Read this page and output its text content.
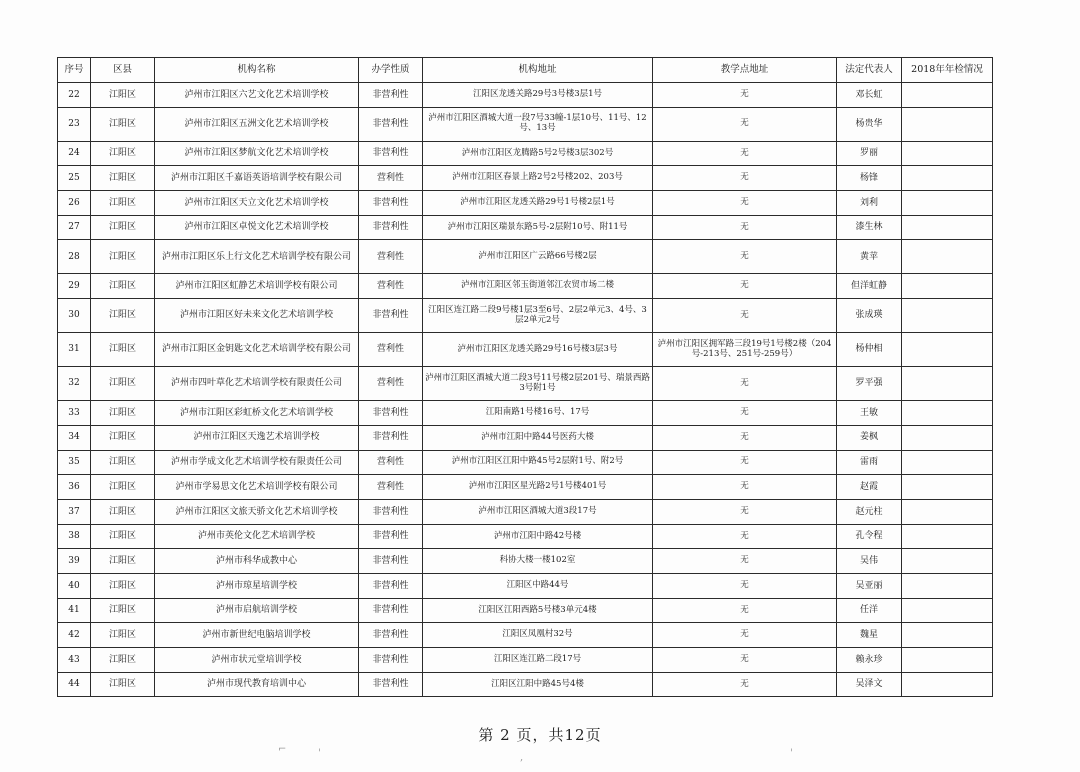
序号	区县	机构名称	办学性质	机构地址	教学点地址	法定代表人	2018年年检情况
22	江阳区	泸州市江阳区六艺文化艺术培训学校	非营利性	江阳区龙透关路29号3号楼3层1号	无	邓长虹	
23	江阳区	泸州市江阳区五洲文化艺术培训学校	非营利性	泸州市江阳区酒城大道一段7号33幢-1层10号、11号、12号、13号	无	杨贵华	
24	江阳区	泸州市江阳区梦航文化艺术培训学校	非营利性	泸州市江阳区龙腾路5号2号楼3层302号	无	罗丽	
25	江阳区	泸州市江阳区千嘉语英语培训学校有限公司	营利性	泸州市江阳区春景上路2号2号楼202、203号	无	杨锋	
26	江阳区	泸州市江阳区天立文化艺术培训学校	非营利性	泸州市江阳区龙透关路29号1号楼2层1号	无	刘利	
27	江阳区	泸州市江阳区卓悦文化艺术培训学校	非营利性	泸州市江阳区瑞景东路5号-2层附10号、附11号	无	漆生林	
28	江阳区	泸州市江阳区乐上行文化艺术培训学校有限公司	营利性	泸州市江阳区广云路66号楼2层	无	黄苹	
29	江阳区	泸州市江阳区虹静艺术培训学校有限公司	营利性	泸州市江阳区邻玉街道邻江农贸市场二楼	无	但洋虹静	
30	江阳区	泸州市江阳区好未来文化艺术培训学校	非营利性	江阳区连江路二段9号楼1层3至6号、2层2单元3、4号、3层2单元2号	无	张成瑛	
31	江阳区	泸州市江阳区金钥匙文化艺术培训学校有限公司	营利性	泸州市江阳区龙透关路29号16号楼3层3号	泸州市江阳区拥军路三段19号1号楼2楼（204号-213号、251号-259号）	杨仲相	
32	江阳区	泸州市四叶草化艺术培训学校有限责任公司	营利性	泸州市江阳区酒城大道二段3号11号楼2层201号、瑞景西路3号附1号	无	罗平强	
33	江阳区	泸州市江阳区彩虹桥文化艺术培训学校	非营利性	江阳南路1号楼16号、17号	无	王敏	
34	江阳区	泸州市江阳区天逸艺术培训学校	非营利性	泸州市江阳中路44号医药大楼	无	姜枫	
35	江阳区	泸州市学成文化艺术培训学校有限责任公司	营利性	泸州市江阳区江阳中路45号2层附1号、附2号	无	雷雨	
36	江阳区	泸州市学易思文化艺术培训学校有限公司	营利性	泸州市江阳区星光路2号1号楼401号	无	赵霞	
37	江阳区	泸州市江阳区文旅天骄文化艺术培训学校	非营利性	泸州市江阳区酒城大道3段17号	无	赵元柱	
38	江阳区	泸州市英伦文化艺术培训学校	非营利性	泸州市江阳中路42号楼	无	孔令程	
39	江阳区	泸州市科华成教中心	非营利性	科协大楼一楼102室	无	吴伟	
40	江阳区	泸州市琼星培训学校	非营利性	江阳区中路44号	无	吴亚丽	
41	江阳区	泸州市启航培训学校	非营利性	江阳区江阳西路5号楼3单元4楼	无	任洋	
42	江阳区	泸州市新世纪电脑培训学校	非营利性	江阳区凤凰村32号	无	魏星	
43	江阳区	泸州市状元堂培训学校	非营利性	江阳区连江路二段17号	无	赖永珍	
44	江阳区	泸州市现代教育培训中心	非营利性	江阳区江阳中路45号4楼	无	吴泽文	
第 2 页，共12页
⌐	'	,	'
